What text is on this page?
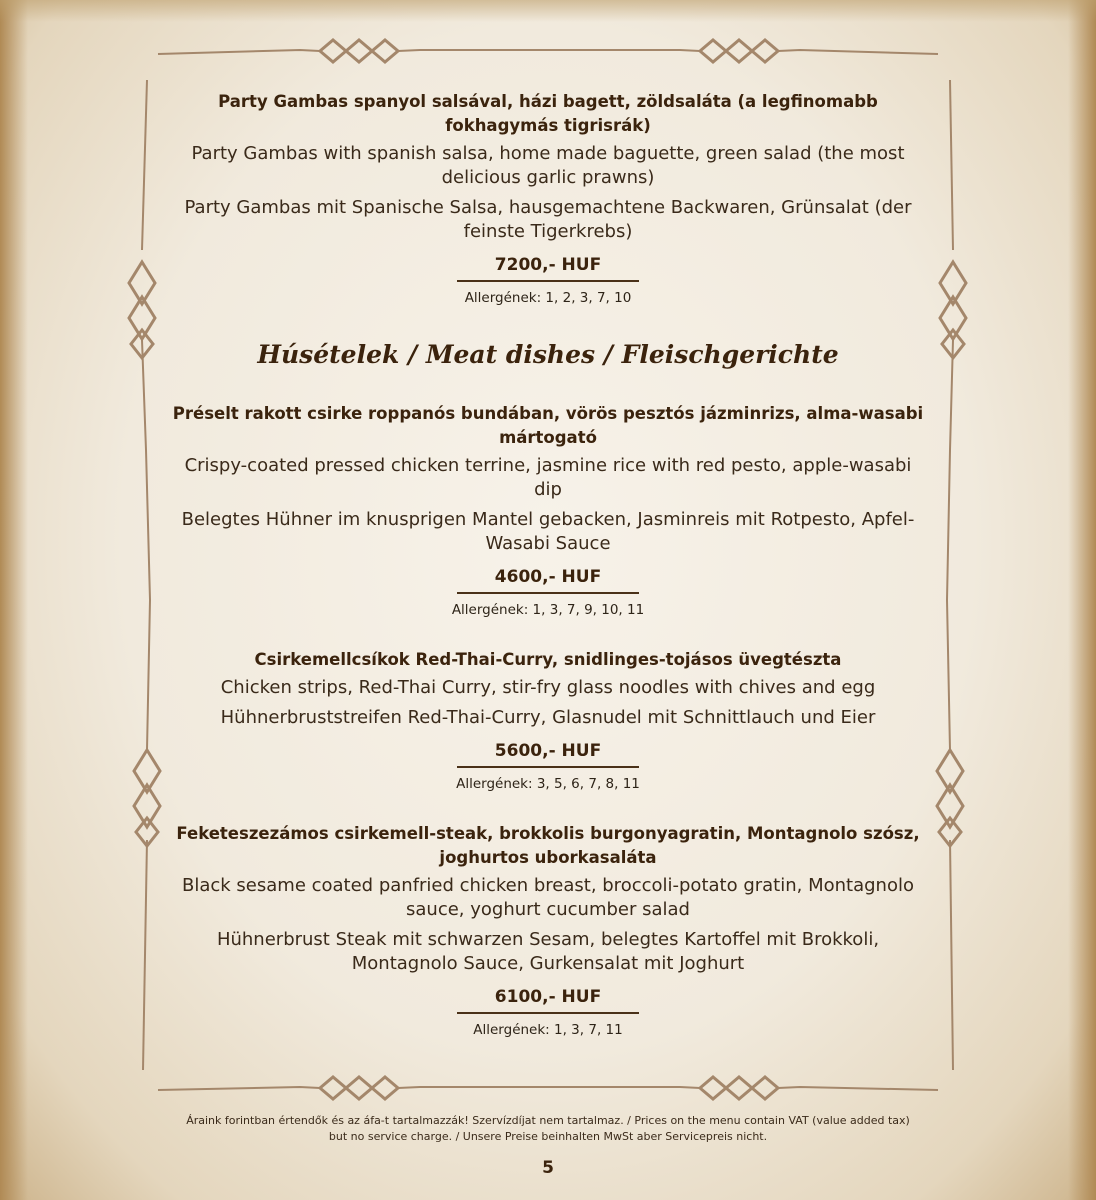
Party Gambas spanyol salsával, házi bagett, zöldsaláta (a legfinomabb fokhagymás tigrisrák)
Party Gambas with spanish salsa, home made baguette, green salad (the most delicious garlic prawns)
Party Gambas mit Spanische Salsa, hausgemachtene Backwaren, Grünsalat (der feinste Tigerkrebs)
7200,- HUF
Allergének: 1, 2, 3, 7, 10
Húsételek / Meat dishes / Fleischgerichte
Préselt rakott csirke roppanós bundában, vörös pesztós jázminrizs, alma-wasabi mártogató
Crispy-coated pressed chicken terrine, jasmine rice with red pesto, apple-wasabi dip
Belegtes Hühner im knusprigen Mantel gebacken, Jasminreis mit Rotpesto, Apfel-Wasabi Sauce
4600,- HUF
Allergének: 1, 3, 7, 9, 10, 11
Csirkemellcsíkok Red-Thai-Curry, snidlinges-tojásos üvegtészta
Chicken strips, Red-Thai Curry, stir-fry glass noodles with chives and egg
Hühnerbruststreifen Red-Thai-Curry, Glasnudel mit Schnittlauch und Eier
5600,- HUF
Allergének: 3, 5, 6, 7, 8, 11
Feketeszezámos csirkemell-steak, brokkolis burgonyagratin, Montagnolo szósz, joghurtos uborkasaláta
Black sesame coated panfried chicken breast, broccoli-potato gratin, Montagnolo sauce, yoghurt cucumber salad
Hühnerbrust Steak mit schwarzen Sesam, belegtes Kartoffel mit Brokkoli, Montagnolo Sauce, Gurkensalat mit Joghurt
6100,- HUF
Allergének: 1, 3, 7, 11
Áraink forintban értendők és az áfa-t tartalmazzák! Szervízdíjat nem tartalmaz. / Prices on the menu contain VAT (value added tax)
but no service charge. / Unsere Preise beinhalten MwSt aber Servicepreis nicht.
5
